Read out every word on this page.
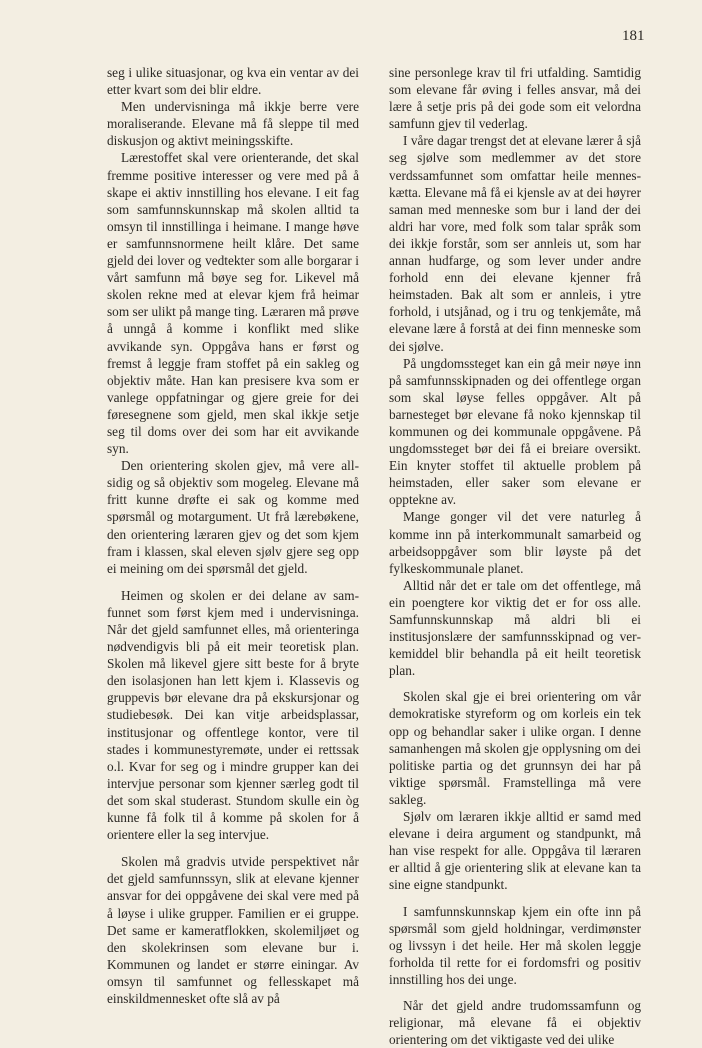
181

seg i ulike situasjonar, og kva ein ventar av dei etter kvart som dei blir eldre.

Men undervisninga må ikkje berre vere moraliserande. Elevane må få sleppe til med diskusjon og aktivt meiningsskifte.

Lærestoffet skal vere orienterande, det skal fremme positive interesser og vere med på å skape ei aktiv innstilling hos elevane. I eit fag som samfunnskunnskap må skolen alltid ta omsyn til innstillinga i heimane. I mange høve er samfunnsnormene heilt klåre. Det same gjeld dei lover og vedtekter som alle borgarar i vårt samfunn må bøye seg for. Likevel må skolen rekne med at elevar kjem frå heimar som ser ulikt på mange ting. Læraren må prøve å unngå å komme i konflikt med slike avvikande syn. Oppgåva hans er først og fremst å leggje fram stoffet på ein sakleg og objektiv måte. Han kan presisere kva som er vanlege oppfatningar og gjere greie for dei føresegnene som gjeld, men skal ikkje setje seg til doms over dei som har eit avvikande syn.

Den orientering skolen gjev, må vere allsidig og så objektiv som mogeleg. Elevane må fritt kunne drøfte ei sak og komme med spørsmål og motargument. Ut frå lærebøkene, den orientering læraren gjev og det som kjem fram i klassen, skal eleven sjølv gjere seg opp ei meining om dei spørsmål det gjeld.

Heimen og skolen er dei delane av samfunnet som først kjem med i undervisninga. Når det gjeld samfunnet elles, må orienteringa nødvendigvis bli på eit meir teoretisk plan. Skolen må likevel gjere sitt beste for å bryte den isolasjonen han lett kjem i. Klassevis og gruppevis bør elevane dra på ekskursjonar og studiebesøk. Dei kan vitje arbeidsplassar, institusjonar og offentlege kontor, vere til stades i kommunestyremøte, under ei rettssak o.l. Kvar for seg og i mindre grupper kan dei intervjue personar som kjenner særleg godt til det som skal studerast. Stundom skulle ein òg kunne få folk til å komme på skolen for å orientere eller la seg intervjue.

Skolen må gradvis utvide perspektivet når det gjeld samfunnssyn, slik at elevane kjenner ansvar for dei oppgåvene dei skal vere med på å løyse i ulike grupper. Familien er ei gruppe. Det same er kameratflokken, skolemiljøet og den skolekrinsen som elevane bur i. Kommunen og landet er større einingar. Av omsyn til samfunnet og fellesskapet må einskildmennesket ofte slå av på

sine personlege krav til fri utfalding. Samtidig som elevane får øving i felles ansvar, må dei lære å setje pris på dei gode som eit velordna samfunn gjev til vederlag.

I våre dagar trengst det at elevane lærer å sjå seg sjølve som medlemmer av det store verdssamfunnet som omfattar heile menneskætta. Elevane må få ei kjensle av at dei høyrer saman med menneske som bur i land der dei aldri har vore, med folk som talar språk som dei ikkje forstår, som ser annleis ut, som har annan hudfarge, og som lever under andre forhold enn dei elevane kjenner frå heimstaden. Bak alt som er annleis, i ytre forhold, i utsjånad, og i tru og tenkjemåte, må elevane lære å forstå at dei finn menneske som dei sjølve.

På ungdomssteget kan ein gå meir nøye inn på samfunnsskipnaden og dei offentlege organ som skal løyse felles oppgåver. Alt på barnesteget bør elevane få noko kjennskap til kommunen og dei kommunale oppgåvene. På ungdomssteget bør dei få ei breiare oversikt. Ein knyter stoffet til aktuelle problem på heimstaden, eller saker som elevane er opptekne av.

Mange gonger vil det vere naturleg å komme inn på interkommunalt samarbeid og arbeidsoppgåver som blir løyste på det fylkeskommunale planet.

Alltid når det er tale om det offentlege, må ein poengtere kor viktig det er for oss alle. Samfunnskunnskap må aldri bli ei institusjonslære der samfunnsskipnad og verkemiddel blir behandla på eit heilt teoretisk plan.

Skolen skal gje ei brei orientering om vår demokratiske styreform og om korleis ein tek opp og behandlar saker i ulike organ. I denne samanhengen må skolen gje opplysning om dei politiske partia og det grunnsyn dei har på viktige spørsmål. Framstellinga må vere sakleg.

Sjølv om læraren ikkje alltid er samd med elevane i deira argument og standpunkt, må han vise respekt for alle. Oppgåva til læraren er alltid å gje orientering slik at elevane kan ta sine eigne standpunkt.

I samfunnskunnskap kjem ein ofte inn på spørsmål som gjeld holdningar, verdimønster og livssyn i det heile. Her må skolen leggje forholda til rette for ei fordomsfri og positiv innstilling hos dei unge.

Når det gjeld andre trudomssamfunn og religionar, må elevane få ei objektiv orientering om det viktigaste ved dei ulike
